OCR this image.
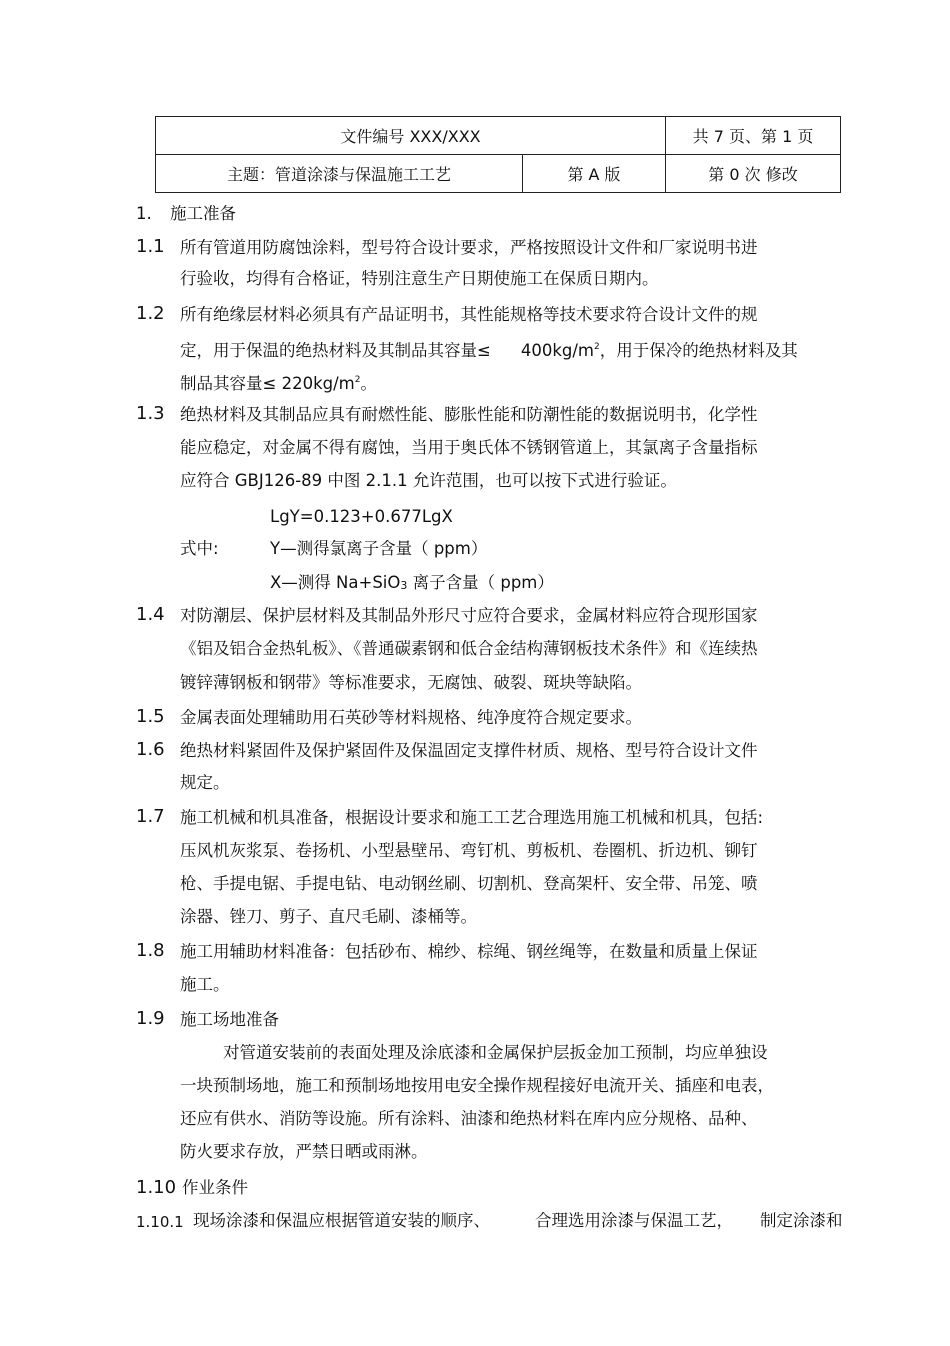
文件编号 XXX/XXX		共 7 页、第 1 页
主题：管道涂漆与保温施工工艺	第 A 版	第 0 次 修改
1. 施工准备
1.1 所有管道用防腐蚀涂料，型号符合设计要求，严格按照设计文件和厂家说明书进
行验收，均得有合格证，特别注意生产日期使施工在保质日期内。
1.2 所有绝缘层材料必须具有产品证明书，其性能规格等技术要求符合设计文件的规
定，用于保温的绝热材料及其制品其容量≤ $400kg/m^2$，用于保冷的绝热材料及其
制品其容量≤ $220kg/m^2$。
1.3 绝热材料及其制品应具有耐燃性能、膨胀性能和防潮性能的数据说明书，化学性
能应稳定，对金属不得有腐蚀，当用于奥氏体不锈钢管道上，其氯离子含量指标
应符合 GBJ126-89 中图 2.1.1 允许范围，也可以按下式进行验证。
LgY=0.123+0.677LgX
式中:	Y—测得氯离子含量（ ppm）
X—测得 Na+SiO$_3$ 离子含量（ ppm）
1.4 对防潮层、保护层材料及其制品外形尺寸应符合要求，金属材料应符合现形国家
《铝及铝合金热轧板》、《普通碳素钢和低合金结构薄钢板技术条件》和《连续热
镀锌薄钢板和钢带》等标准要求，无腐蚀、破裂、斑块等缺陷。
1.5 金属表面处理辅助用石英砂等材料规格、纯净度符合规定要求。
1.6 绝热材料紧固件及保护紧固件及保温固定支撑件材质、规格、型号符合设计文件
规定。
1.7 施工机械和机具准备，根据设计要求和施工工艺合理选用施工机械和机具，包括:
压风机灰浆泵、卷扬机、小型悬壁吊、弯钉机、剪板机、卷圈机、折边机、铆钉
枪、手提电锯、手提电钻、电动钢丝刷、切割机、登高架杆、安全带、吊笼、喷
涂器、锉刀、剪子、直尺毛刷、漆桶等。
1.8 施工用辅助材料准备：包括砂布、棉纱、棕绳、钢丝绳等，在数量和质量上保证
施工。
1.9 施工场地准备
对管道安装前的表面处理及涂底漆和金属保护层扳金加工预制，均应单独设
一块预制场地，施工和预制场地按用电安全操作规程接好电流开关、插座和电表，
还应有供水、消防等设施。所有涂料、油漆和绝热材料在库内应分规格、品种、
防火要求存放，严禁日晒或雨淋。
1.10 作业条件
1.10.1 现场涂漆和保温应根据管道安装的顺序、	合理选用涂漆与保温工艺， 制定涂漆和
